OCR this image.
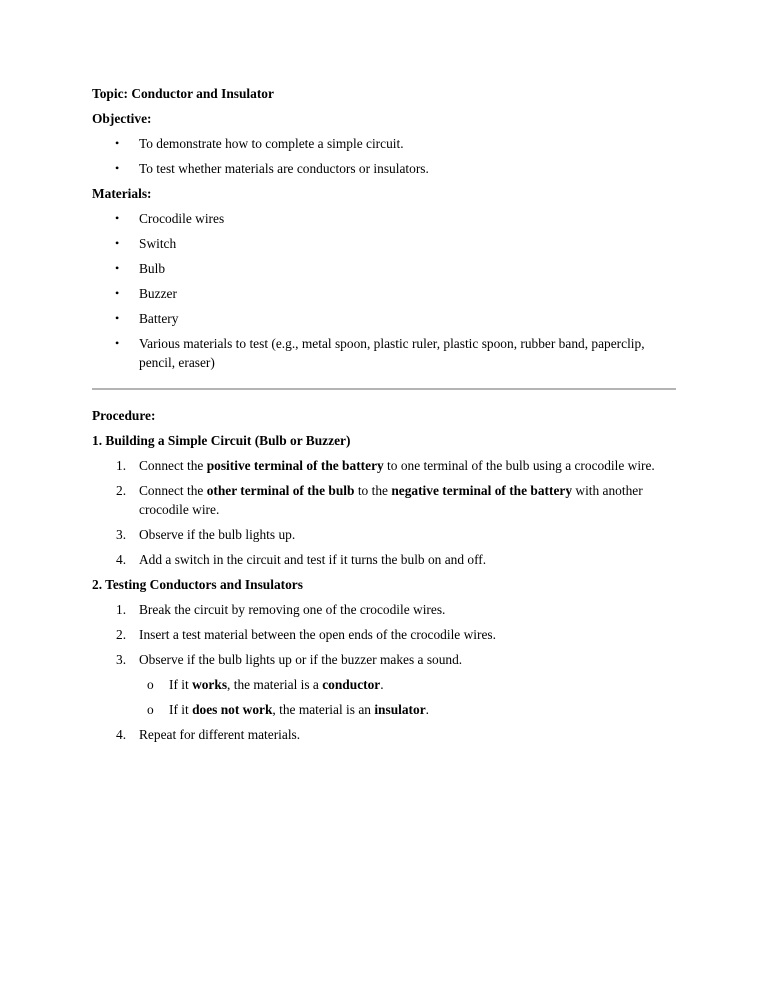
Topic: Conductor and Insulator

Objective:

• To demonstrate how to complete a simple circuit.
• To test whether materials are conductors or insulators.

Materials:

• Crocodile wires
• Switch
• Bulb
• Buzzer
• Battery
• Various materials to test (e.g., metal spoon, plastic ruler, plastic spoon, rubber band, paperclip, pencil, eraser)

Procedure:

1. Building a Simple Circuit (Bulb or Buzzer)

1. Connect the positive terminal of the battery to one terminal of the bulb using a crocodile wire.
2. Connect the other terminal of the bulb to the negative terminal of the battery with another crocodile wire.
3. Observe if the bulb lights up.
4. Add a switch in the circuit and test if it turns the bulb on and off.

2. Testing Conductors and Insulators

1. Break the circuit by removing one of the crocodile wires.
2. Insert a test material between the open ends of the crocodile wires.
3. Observe if the bulb lights up or if the buzzer makes a sound.
o If it works, the material is a conductor.
o If it does not work, the material is an insulator.
4. Repeat for different materials.
